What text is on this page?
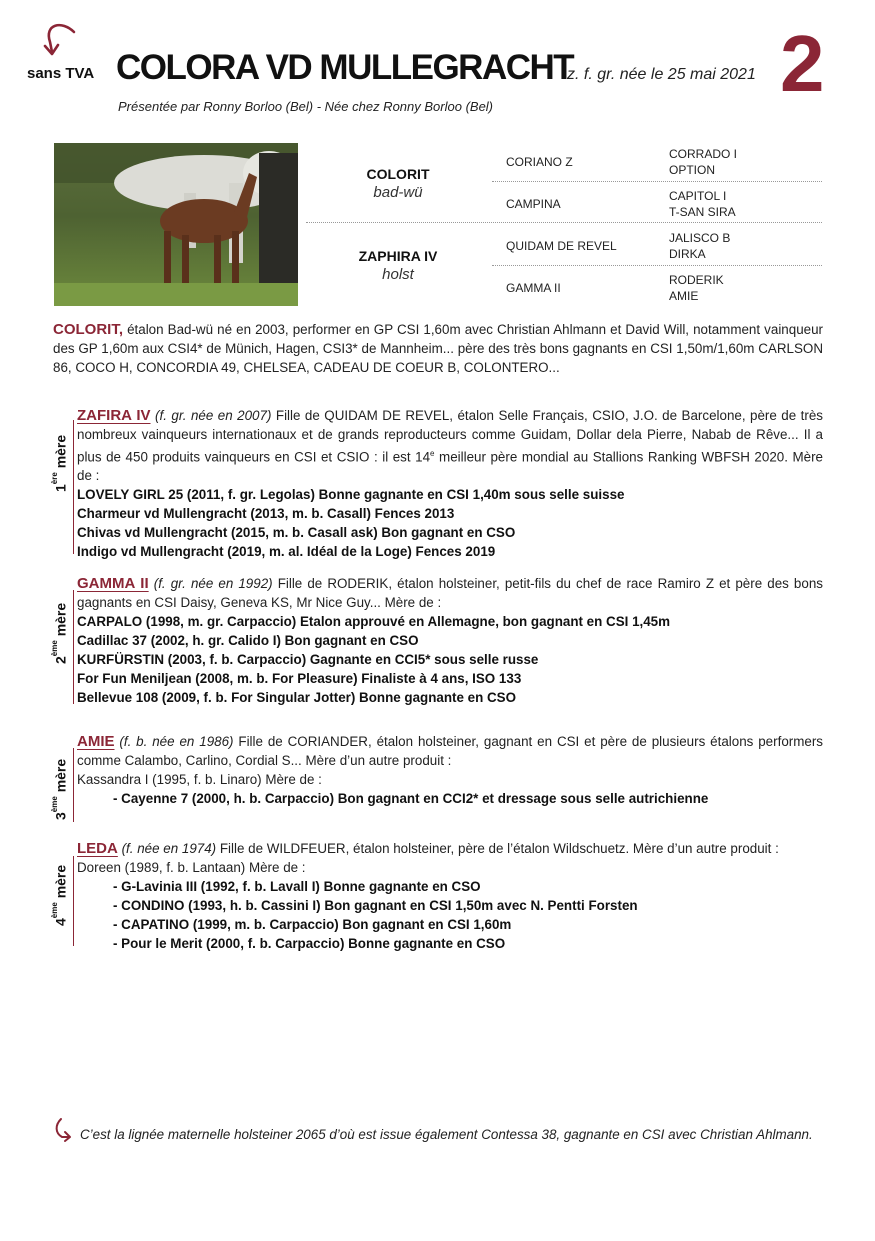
sans TVA COLORA VD MULLEGRACHT
z. f. gr. née le 25 mai 2021 2
Présentée par Ronny Borloo (Bel) - Née chez Ronny Borloo (Bel)
COLORIT
bad-wü
ZAPHIRA IV
holst
CORIANO Z
CAMPINA
QUIDAM DE REVEL
GAMMA II
CORRADO I
OPTION
CAPITOL I
T-SAN SIRA
JALISCO B
DIRKA
RODERIK
AMIE
COLORIT, étalon Bad-wü né en 2003, performer en GP CSI 1,60m avec Christian Ahlmann et David Will, notamment vainqueur des GP 1,60m aux CSI4* de Münich, Hagen, CSI3* de Mannheim... père des très bons gagnants en CSI 1,50m/1,60m CARLSON 86, COCO H, CONCORDIA 49, CHELSEA, CADEAU DE COEUR B, COLONTERO...
1ère mère
ZAFIRA IV (f. gr. née en 2007) Fille de QUIDAM DE REVEL, étalon Selle Français, CSIO, J.O. de Barcelone, père de très nombreux vainqueurs internationaux et de grands reproducteurs comme Guidam, Dollar dela Pierre, Nabab de Rêve... Il a plus de 450 produits vainqueurs en CSI et CSIO : il est 14e meilleur père mondial au Stallions Ranking WBFSH 2020. Mère de :
LOVELY GIRL 25 (2011, f. gr. Legolas) Bonne gagnante en CSI 1,40m sous selle suisse
Charmeur vd Mullengracht (2013, m. b. Casall) Fences 2013
Chivas vd Mullengracht (2015, m. b. Casall ask) Bon gagnant en CSO
Indigo vd Mullengracht (2019, m. al. Idéal de la Loge) Fences 2019
2ème mère
GAMMA II (f. gr. née en 1992) Fille de RODERIK, étalon holsteiner, petit-fils du chef de race Ramiro Z et père des bons gagnants en CSI Daisy, Geneva KS, Mr Nice Guy... Mère de :
CARPALO (1998, m. gr. Carpaccio) Etalon approuvé en Allemagne, bon gagnant en CSI 1,45m
Cadillac 37 (2002, h. gr. Calido I) Bon gagnant en CSO
KURFÜRSTIN (2003, f. b. Carpaccio) Gagnante en CCI5* sous selle russe
For Fun Meniljean (2008, m. b. For Pleasure) Finaliste à 4 ans, ISO 133
Bellevue 108 (2009, f. b. For Singular Jotter) Bonne gagnante en CSO
3ème mère
AMIE (f. b. née en 1986) Fille de CORIANDER, étalon holsteiner, gagnant en CSI et père de plusieurs étalons performers comme Calambo, Carlino, Cordial S... Mère d’un autre produit :
Kassandra I (1995, f. b. Linaro) Mère de :
- Cayenne 7 (2000, h. b. Carpaccio) Bon gagnant en CCI2* et dressage sous selle autrichienne
4ème mère
LEDA (f. née en 1974) Fille de WILDFEUER, étalon holsteiner, père de l’étalon Wildschuetz. Mère d’un autre produit :
Doreen (1989, f. b. Lantaan) Mère de :
- G-Lavinia III (1992, f. b. Lavall I) Bonne gagnante en CSO
- CONDINO (1993, h. b. Cassini I) Bon gagnant en CSI 1,50m avec N. Pentti Forsten
- CAPATINO (1999, m. b. Carpaccio) Bon gagnant en CSI 1,60m
- Pour le Merit (2000, f. b. Carpaccio) Bonne gagnante en CSO
C’est la lignée maternelle holsteiner 2065 d’où est issue également Contessa 38, gagnante en CSI avec Christian Ahlmann.
